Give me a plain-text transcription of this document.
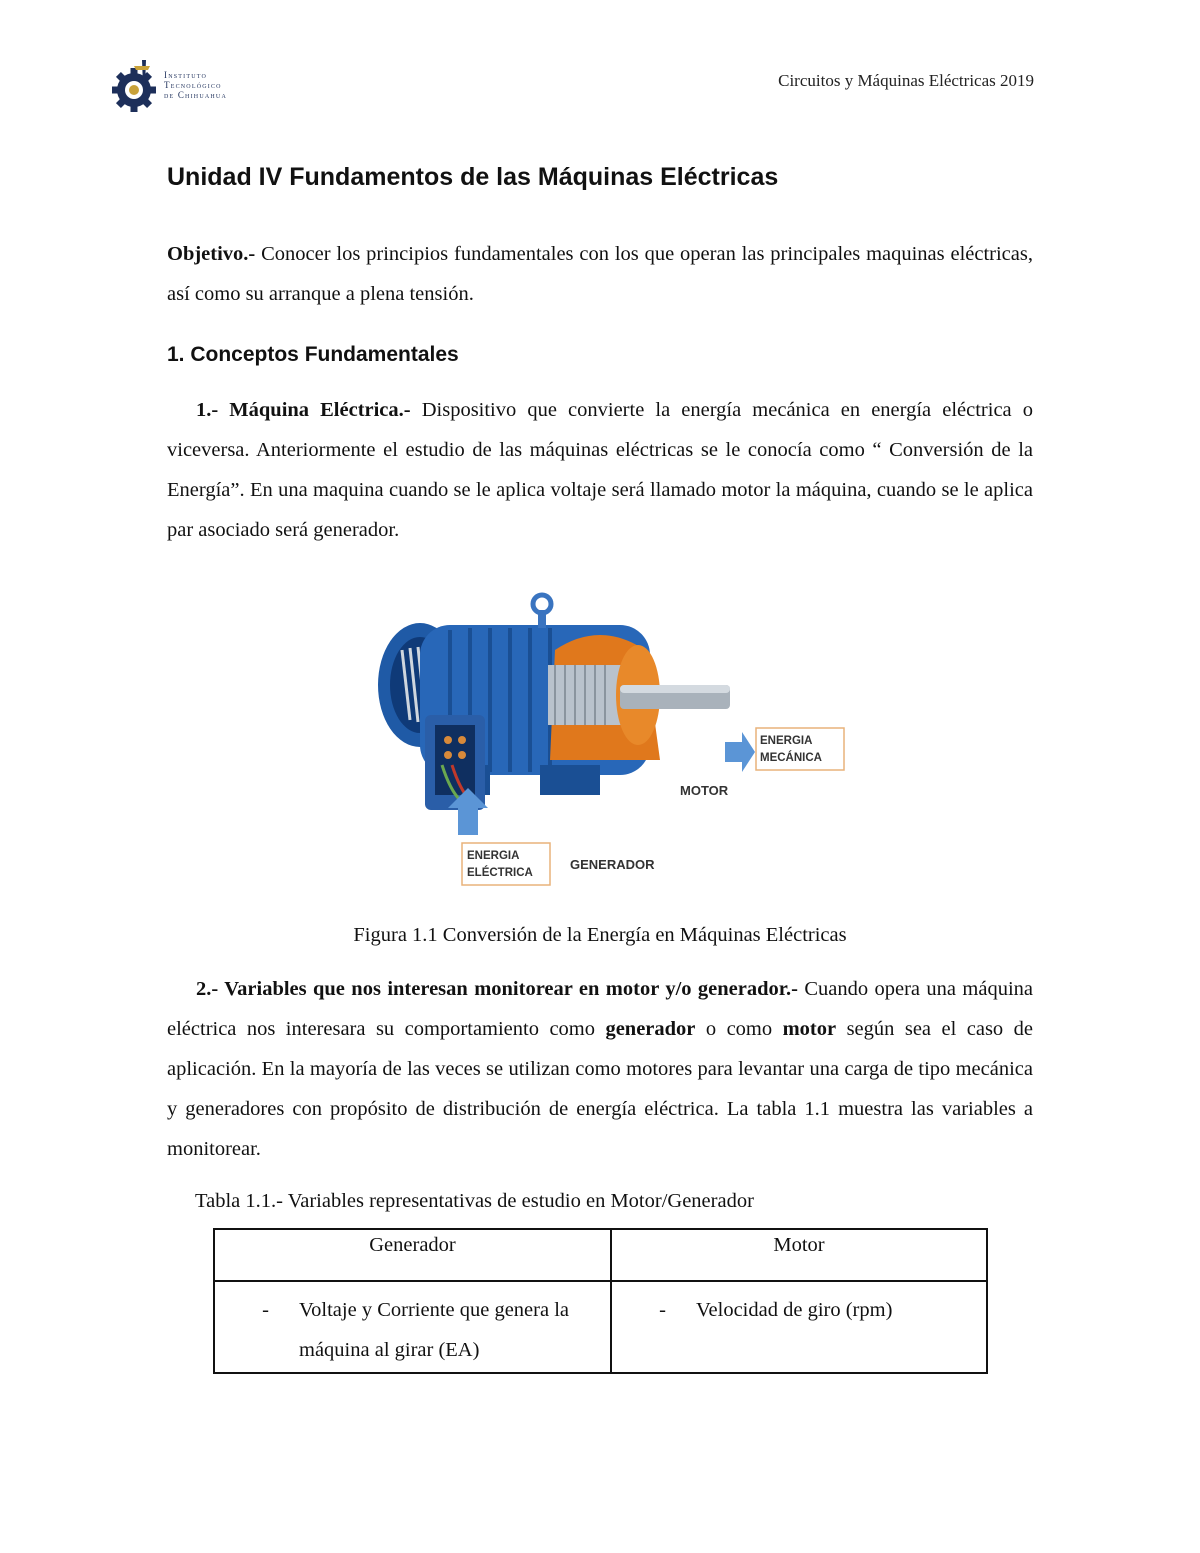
Instituto
Tecnológico
de Chihuahua
Circuitos y Máquinas Eléctricas 2019
Unidad IV Fundamentos de las Máquinas Eléctricas
Objetivo.- Conocer los principios fundamentales con los que operan las principales maquinas eléctricas, así como su arranque a plena tensión.
1. Conceptos Fundamentales
1.- Máquina Eléctrica.- Dispositivo que convierte la energía mecánica en energía eléctrica o viceversa. Anteriormente el estudio de las máquinas eléctricas se le conocía como “ Conversión de la Energía”. En una maquina cuando se le aplica voltaje será llamado motor la máquina, cuando se le aplica par asociado será generador.
ENERGIA
MECÁNICA
MOTOR
ENERGIA
ELÉCTRICA
GENERADOR
Figura 1.1 Conversión de la Energía en Máquinas Eléctricas
2.- Variables que nos interesan monitorear en motor y/o generador.- Cuando opera una máquina eléctrica nos interesara su comportamiento como generador o como motor según sea el caso de aplicación. En la mayoría de las veces se utilizan como motores para levantar una carga de tipo mecánica y generadores con propósito de distribución de energía eléctrica. La tabla 1.1 muestra las variables a monitorear.
Tabla 1.1.- Variables representativas de estudio en Motor/Generador
Generador	Motor

- Voltaje y Corriente que genera la máquina al girar (EA)	- Velocidad de giro (rpm)
